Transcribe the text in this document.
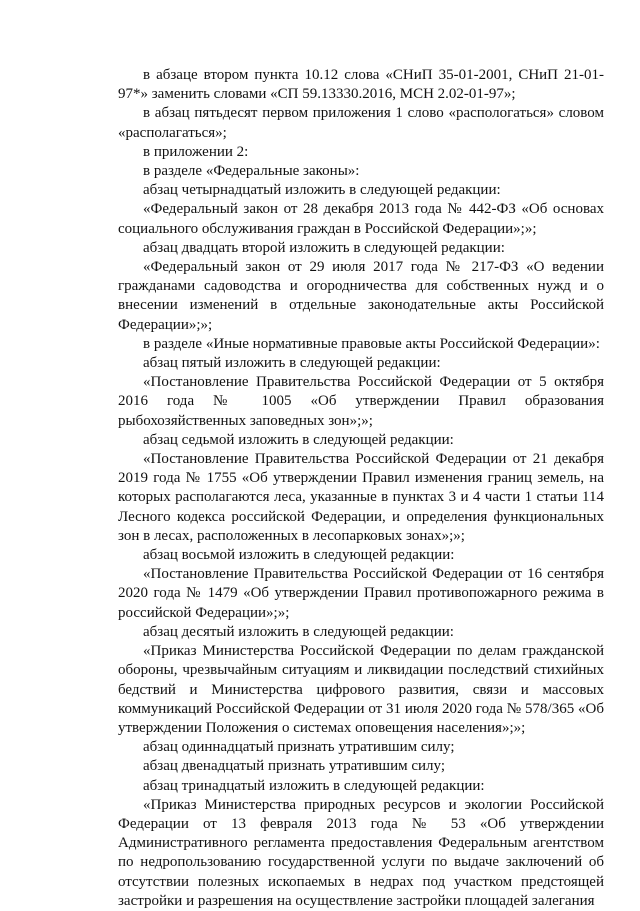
в абзаце втором пункта 10.12 слова «СНиП 35-01-2001, СНиП 21-01-97*» заменить словами «СП 59.13330.2016, МСН 2.02-01-97»;

в абзац пятьдесят первом приложения 1 слово «распологаться» словом «располагаться»;

в приложении 2:

в разделе «Федеральные законы»:

абзац четырнадцатый изложить в следующей редакции:

«Федеральный закон от 28 декабря 2013 года № 442-ФЗ «Об основах социального обслуживания граждан в Российской Федерации»;»;

абзац двадцать второй изложить в следующей редакции:

«Федеральный закон от 29 июля 2017 года № 217-ФЗ «О ведении гражданами садоводства и огородничества для собственных нужд и о внесении изменений в отдельные законодательные акты Российской Федерации»;»;

в разделе «Иные нормативные правовые акты Российской Федерации»:

абзац пятый изложить в следующей редакции:

«Постановление Правительства Российской Федерации от 5 октября 2016 года № 1005 «Об утверждении Правил образования рыбохозяйственных заповедных зон»;»;

абзац седьмой изложить в следующей редакции:

«Постановление Правительства Российской Федерации от 21 декабря 2019 года № 1755 «Об утверждении Правил изменения границ земель, на которых располагаются леса, указанные в пунктах 3 и 4 части 1 статьи 114 Лесного кодекса российской Федерации, и определения функциональных зон в лесах, расположенных в лесопарковых зонах»;»;

абзац восьмой изложить в следующей редакции:

«Постановление Правительства Российской Федерации от 16 сентября 2020 года № 1479 «Об утверждении Правил противопожарного режима в российской Федерации»;»;

абзац десятый изложить в следующей редакции:

«Приказ Министерства Российской Федерации по делам гражданской обороны, чрезвычайным ситуациям и ликвидации последствий стихийных бедствий и Министерства цифрового развития, связи и массовых коммуникаций Российской Федерации от 31 июля 2020 года № 578/365 «Об утверждении Положения о системах оповещения населения»;»;

абзац одиннадцатый признать утратившим силу;

абзац двенадцатый признать утратившим силу;

абзац тринадцатый изложить в следующей редакции:

«Приказ Министерства природных ресурсов и экологии Российской Федерации от 13 февраля 2013 года № 53 «Об утверждении Административного регламента предоставления Федеральным агентством по недропользованию государственной услуги по выдаче заключений об отсутствии полезных ископаемых в недрах под участком предстоящей застройки и разрешения на осуществление застройки площадей залегания
